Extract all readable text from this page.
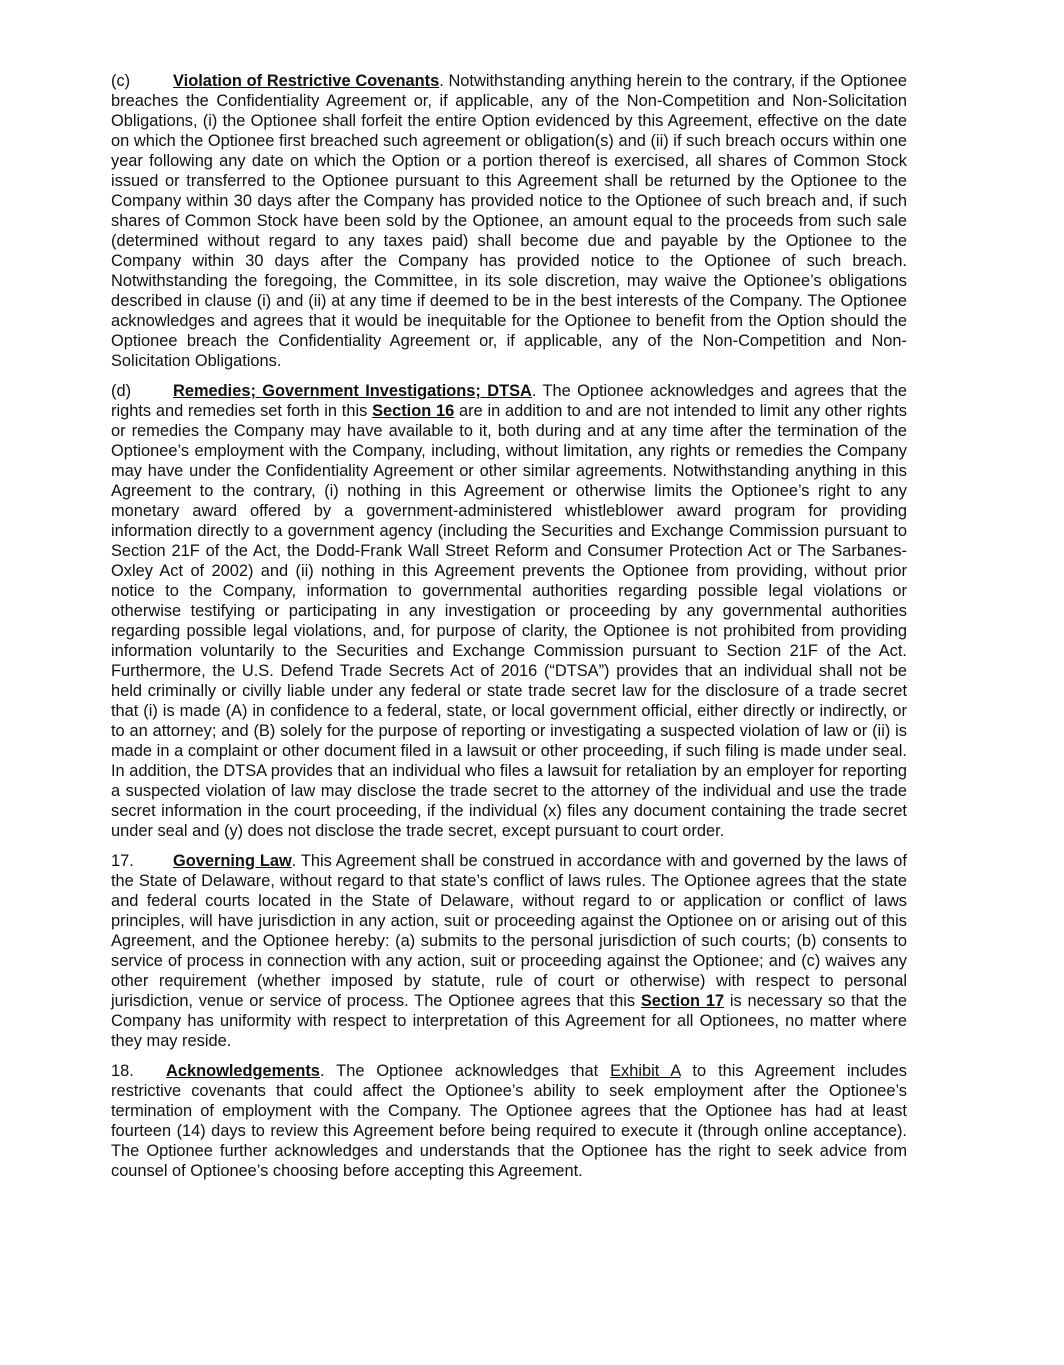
(c)	Violation of Restrictive Covenants. Notwithstanding anything herein to the contrary, if the Optionee breaches the Confidentiality Agreement or, if applicable, any of the Non-Competition and Non-Solicitation Obligations, (i) the Optionee shall forfeit the entire Option evidenced by this Agreement, effective on the date on which the Optionee first breached such agreement or obligation(s) and (ii) if such breach occurs within one year following any date on which the Option or a portion thereof is exercised, all shares of Common Stock issued or transferred to the Optionee pursuant to this Agreement shall be returned by the Optionee to the Company within 30 days after the Company has provided notice to the Optionee of such breach and, if such shares of Common Stock have been sold by the Optionee, an amount equal to the proceeds from such sale (determined without regard to any taxes paid) shall become due and payable by the Optionee to the Company within 30 days after the Company has provided notice to the Optionee of such breach. Notwithstanding the foregoing, the Committee, in its sole discretion, may waive the Optionee’s obligations described in clause (i) and (ii) at any time if deemed to be in the best interests of the Company. The Optionee acknowledges and agrees that it would be inequitable for the Optionee to benefit from the Option should the Optionee breach the Confidentiality Agreement or, if applicable, any of the Non-Competition and Non-Solicitation Obligations.

(d)	Remedies; Government Investigations; DTSA. The Optionee acknowledges and agrees that the rights and remedies set forth in this Section 16 are in addition to and are not intended to limit any other rights or remedies the Company may have available to it, both during and at any time after the termination of the Optionee’s employment with the Company, including, without limitation, any rights or remedies the Company may have under the Confidentiality Agreement or other similar agreements. Notwithstanding anything in this Agreement to the contrary, (i) nothing in this Agreement or otherwise limits the Optionee’s right to any monetary award offered by a government-administered whistleblower award program for providing information directly to a government agency (including the Securities and Exchange Commission pursuant to Section 21F of the Act, the Dodd-Frank Wall Street Reform and Consumer Protection Act or The Sarbanes-Oxley Act of 2002) and (ii) nothing in this Agreement prevents the Optionee from providing, without prior notice to the Company, information to governmental authorities regarding possible legal violations or otherwise testifying or participating in any investigation or proceeding by any governmental authorities regarding possible legal violations, and, for purpose of clarity, the Optionee is not prohibited from providing information voluntarily to the Securities and Exchange Commission pursuant to Section 21F of the Act. Furthermore, the U.S. Defend Trade Secrets Act of 2016 (“DTSA”) provides that an individual shall not be held criminally or civilly liable under any federal or state trade secret law for the disclosure of a trade secret that (i) is made (A) in confidence to a federal, state, or local government official, either directly or indirectly, or to an attorney; and (B) solely for the purpose of reporting or investigating a suspected violation of law or (ii) is made in a complaint or other document filed in a lawsuit or other proceeding, if such filing is made under seal. In addition, the DTSA provides that an individual who files a lawsuit for retaliation by an employer for reporting a suspected violation of law may disclose the trade secret to the attorney of the individual and use the trade secret information in the court proceeding, if the individual (x) files any document containing the trade secret under seal and (y) does not disclose the trade secret, except pursuant to court order.

17. Governing Law. This Agreement shall be construed in accordance with and governed by the laws of the State of Delaware, without regard to that state’s conflict of laws rules. The Optionee agrees that the state and federal courts located in the State of Delaware, without regard to or application or conflict of laws principles, will have jurisdiction in any action, suit or proceeding against the Optionee on or arising out of this Agreement, and the Optionee hereby: (a) submits to the personal jurisdiction of such courts; (b) consents to service of process in connection with any action, suit or proceeding against the Optionee; and (c) waives any other requirement (whether imposed by statute, rule of court or otherwise) with respect to personal jurisdiction, venue or service of process. The Optionee agrees that this Section 17 is necessary so that the Company has uniformity with respect to interpretation of this Agreement for all Optionees, no matter where they may reside.

18. Acknowledgements. The Optionee acknowledges that Exhibit A to this Agreement includes restrictive covenants that could affect the Optionee’s ability to seek employment after the Optionee’s termination of employment with the Company. The Optionee agrees that the Optionee has had at least fourteen (14) days to review this Agreement before being required to execute it (through online acceptance). The Optionee further acknowledges and understands that the Optionee has the right to seek advice from counsel of Optionee’s choosing before accepting this Agreement.
